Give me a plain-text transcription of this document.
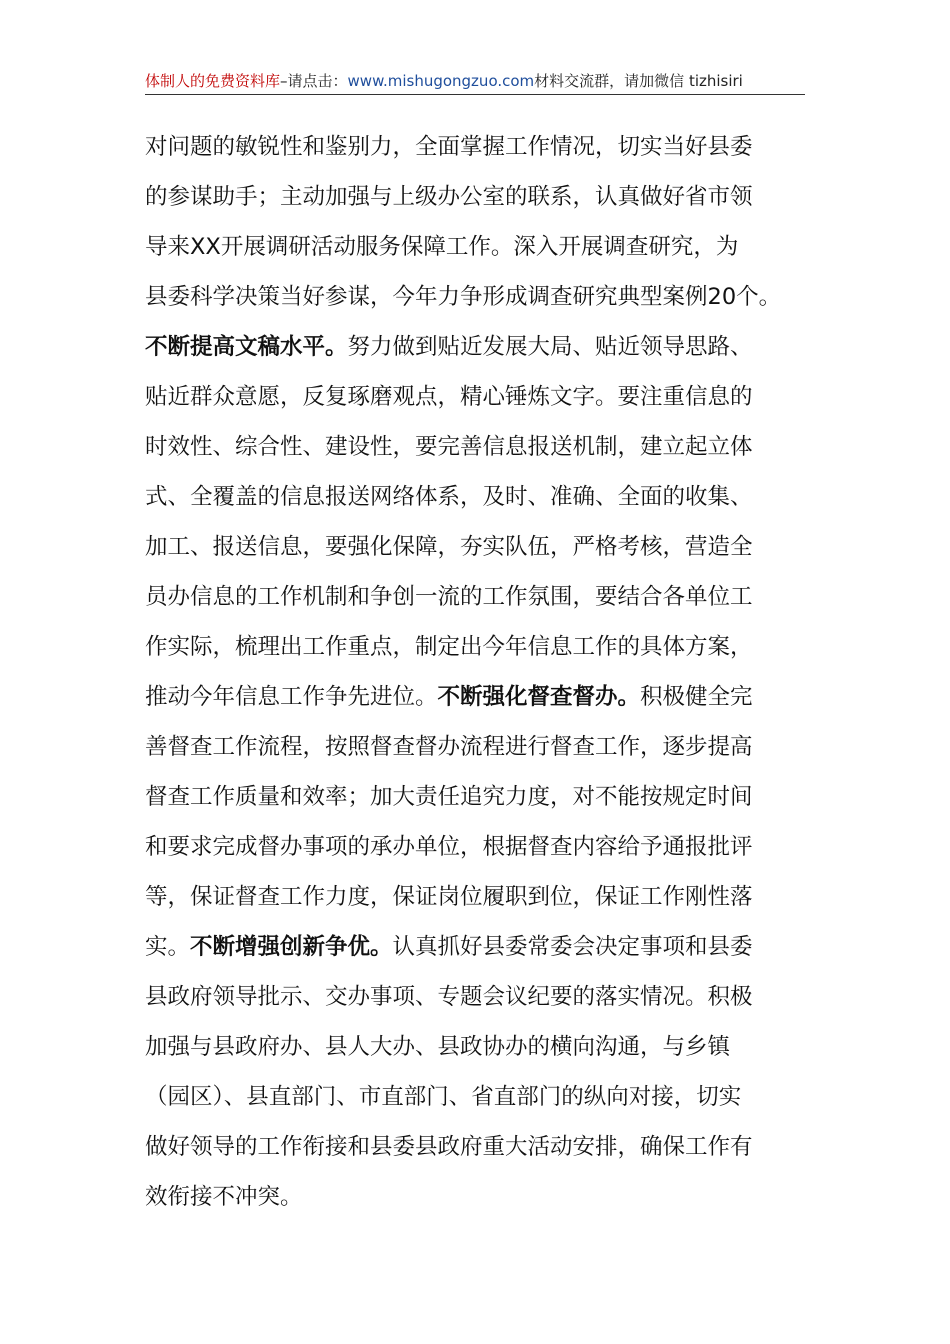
体制人的免费资料库–请点击：www.mishugongzuo.com材料交流群，请加微信 tizhisiri
对问题的敏锐性和鉴别力，全面掌握工作情况，切实当好县委
的参谋助手；主动加强与上级办公室的联系，认真做好省市领
导来XX开展调研活动服务保障工作。深入开展调查研究，为
县委科学决策当好参谋，今年力争形成调查研究典型案例20个。
不断提高文稿水平。努力做到贴近发展大局、贴近领导思路、
贴近群众意愿，反复琢磨观点，精心锤炼文字。要注重信息的
时效性、综合性、建设性，要完善信息报送机制，建立起立体
式、全覆盖的信息报送网络体系，及时、准确、全面的收集、
加工、报送信息，要强化保障，夯实队伍，严格考核，营造全
员办信息的工作机制和争创一流的工作氛围，要结合各单位工
作实际，梳理出工作重点，制定出今年信息工作的具体方案，
推动今年信息工作争先进位。不断强化督查督办。积极健全完
善督查工作流程，按照督查督办流程进行督查工作，逐步提高
督查工作质量和效率；加大责任追究力度，对不能按规定时间
和要求完成督办事项的承办单位，根据督查内容给予通报批评
等，保证督查工作力度，保证岗位履职到位，保证工作刚性落
实。不断增强创新争优。认真抓好县委常委会决定事项和县委
县政府领导批示、交办事项、专题会议纪要的落实情况。积极
加强与县政府办、县人大办、县政协办的横向沟通，与乡镇
（园区）、县直部门、市直部门、省直部门的纵向对接，切实
做好领导的工作衔接和县委县政府重大活动安排，确保工作有
效衔接不冲突。
